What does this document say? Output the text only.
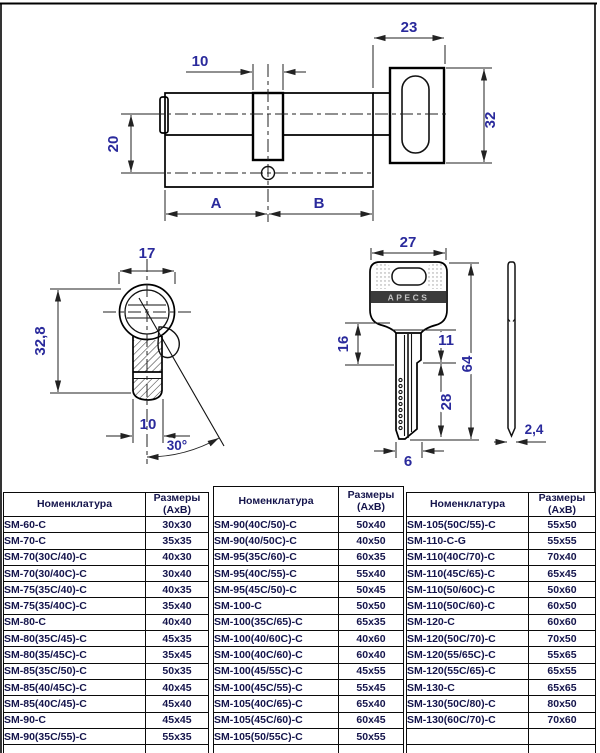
23
10
32
20
A	B
17
32,8
10
30°
APECS
27
16	11
28
64
6
2,4
Номенклатура	Размеры
(АхВ)
SM-60-C	30x30
SM-70-C	35x35
SM-70(30C/40)-C	40x30
SM-70(30/40C)-C	30x40
SM-75(35C/40)-C	40x35
SM-75(35/40C)-C	35x40
SM-80-C	40x40
SM-80(35C/45)-C	45x35
SM-80(35/45C)-C	35x45
SM-85(35C/50)-C	50x35
SM-85(40/45C)-C	40x45
SM-85(40C/45)-C	45x40
SM-90-C	45x45
SM-90(35C/55)-C	55x35

Номенклатура	Размеры
(АхВ)
SM-90(40C/50)-C	50x40
SM-90(40/50C)-C	40x50
SM-95(35C/60)-C	60x35
SM-95(40C/55)-C	55x40
SM-95(45C/50)-C	50x45
SM-100-C	50x50
SM-100(35C/65)-C	65x35
SM-100(40/60C)-C	40x60
SM-100(40C/60)-C	60x40
SM-100(45/55C)-C	45x55
SM-100(45C/55)-C	55x45
SM-105(40C/65)-C	65x40
SM-105(45C/60)-C	60x45
SM-105(50/55C)-C	50x55

Номенклатура	Размеры
(АхВ)
SM-105(50C/55)-C	55x50
SM-110-C-G	55x55
SM-110(40C/70)-C	70x40
SM-110(45C/65)-C	65x45
SM-110(50/60C)-C	50x60
SM-110(50C/60)-C	60x50
SM-120-C	60x60
SM-120(50C/70)-C	70x50
SM-120(55/65C)-C	55x65
SM-120(55C/65)-C	65x55
SM-130-C	65x65
SM-130(50C/80)-C	80x50
SM-130(60C/70)-C	70x60
